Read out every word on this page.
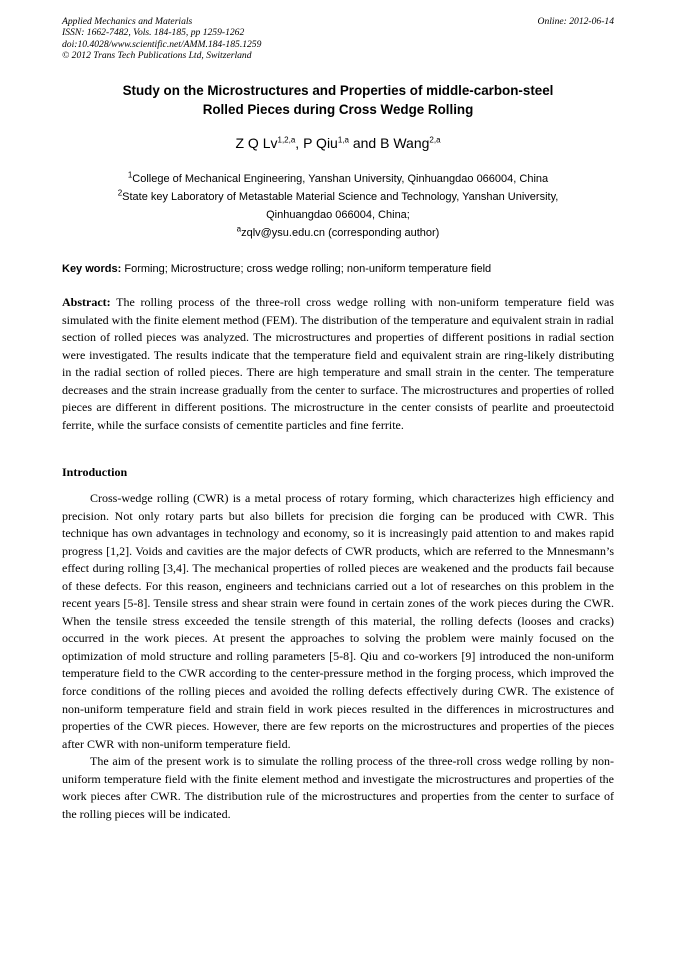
Applied Mechanics and Materials
ISSN: 1662-7482, Vols. 184-185, pp 1259-1262
doi:10.4028/www.scientific.net/AMM.184-185.1259
© 2012 Trans Tech Publications Ltd, Switzerland
Online: 2012-06-14
Study on the Microstructures and Properties of middle-carbon-steel
Rolled Pieces during Cross Wedge Rolling
Z Q Lv$^{1,2,a}$, P Qiu$^{1,a}$ and B Wang$^{2,a}$
$^1$College of Mechanical Engineering, Yanshan University, Qinhuangdao 066004, China
$^2$State key Laboratory of Metastable Material Science and Technology, Yanshan University,
Qinhuangdao 066004, China;
$^a$zqlv@ysu.edu.cn (corresponding author)
Key words: Forming; Microstructure; cross wedge rolling; non-uniform temperature field
Abstract: The rolling process of the three-roll cross wedge rolling with non-uniform temperature field was simulated with the finite element method (FEM). The distribution of the temperature and equivalent strain in radial section of rolled pieces was analyzed. The microstructures and properties of different positions in radial section were investigated. The results indicate that the temperature field and equivalent strain are ring-likely distributing in the radial section of rolled pieces. There are high temperature and small strain in the center. The temperature decreases and the strain increase gradually from the center to surface. The microstructures and properties of rolled pieces are different in different positions. The microstructure in the center consists of pearlite and proeutectoid ferrite, while the surface consists of cementite particles and fine ferrite.
Introduction

Cross-wedge rolling (CWR) is a metal process of rotary forming, which characterizes high efficiency and precision. Not only rotary parts but also billets for precision die forging can be produced with CWR. This technique has own advantages in technology and economy, so it is increasingly paid attention to and makes rapid progress [1,2]. Voids and cavities are the major defects of CWR products, which are referred to the Mnnesmann’s effect during rolling [3,4]. The mechanical properties of rolled pieces are weakened and the products fail because of these defects. For this reason, engineers and technicians carried out a lot of researches on this problem in the recent years [5-8]. Tensile stress and shear strain were found in certain zones of the work pieces during the CWR. When the tensile stress exceeded the tensile strength of this material, the rolling defects (looses and cracks) occurred in the work pieces. At present the approaches to solving the problem were mainly focused on the optimization of mold structure and rolling parameters [5-8]. Qiu and co-workers [9] introduced the non-uniform temperature field to the CWR according to the center-pressure method in the forging process, which improved the force conditions of the rolling pieces and avoided the rolling defects effectively during CWR. The existence of non-uniform temperature field and strain field in work pieces resulted in the differences in microstructures and properties of the CWR pieces. However, there are few reports on the microstructures and properties of the pieces after CWR with non-uniform temperature field.

The aim of the present work is to simulate the rolling process of the three-roll cross wedge rolling by non-uniform temperature field with the finite element method and investigate the microstructures and properties of the work pieces after CWR. The distribution rule of the microstructures and properties from the center to surface of the rolling pieces will be indicated.
